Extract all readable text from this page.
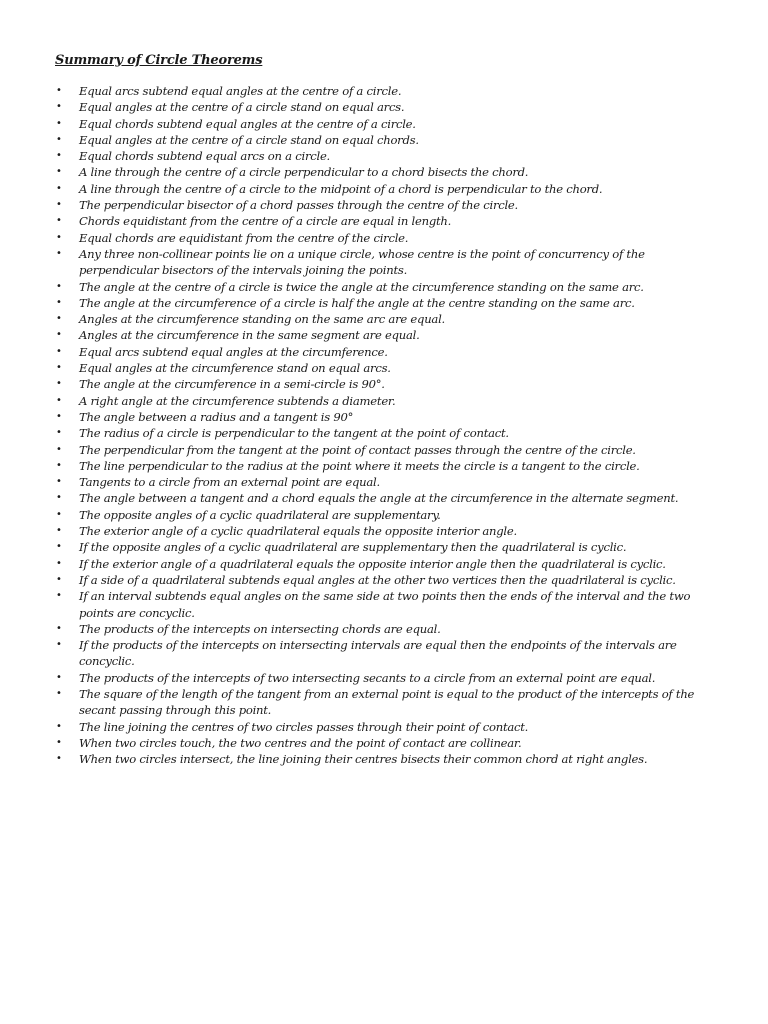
Summary of Circle Theorems
• Equal arcs subtend equal angles at the centre of a circle.
• Equal angles at the centre of a circle stand on equal arcs.
• Equal chords subtend equal angles at the centre of a circle.
• Equal angles at the centre of a circle stand on equal chords.
• Equal chords subtend equal arcs on a circle.
• A line through the centre of a circle perpendicular to a chord bisects the chord.
• A line through the centre of a circle to the midpoint of a chord is perpendicular to the chord.
• The perpendicular bisector of a chord passes through the centre of the circle.
• Chords equidistant from the centre of a circle are equal in length.
• Equal chords are equidistant from the centre of the circle.
• Any three non-collinear points lie on a unique circle, whose centre is the point of concurrency of the perpendicular bisectors of the intervals joining the points.
• The angle at the centre of a circle is twice the angle at the circumference standing on the same arc.
• The angle at the circumference of a circle is half the angle at the centre standing on the same arc.
• Angles at the circumference standing on the same arc are equal.
• Angles at the circumference in the same segment are equal.
• Equal arcs subtend equal angles at the circumference.
• Equal angles at the circumference stand on equal arcs.
• The angle at the circumference in a semi-circle is 90°.
• A right angle at the circumference subtends a diameter.
• The angle between a radius and a tangent is 90°
• The radius of a circle is perpendicular to the tangent at the point of contact.
• The perpendicular from the tangent at the point of contact passes through the centre of the circle.
• The line perpendicular to the radius at the point where it meets the circle is a tangent to the circle.
• Tangents to a circle from an external point are equal.
• The angle between a tangent and a chord equals the angle at the circumference in the alternate segment.
• The opposite angles of a cyclic quadrilateral are supplementary.
• The exterior angle of a cyclic quadrilateral equals the opposite interior angle.
• If the opposite angles of a cyclic quadrilateral are supplementary then the quadrilateral is cyclic.
• If the exterior angle of a quadrilateral equals the opposite interior angle then the quadrilateral is cyclic.
• If a side of a quadrilateral subtends equal angles at the other two vertices then the quadrilateral is cyclic.
• If an interval subtends equal angles on the same side at two points then the ends of the interval and the two points are concyclic.
• The products of the intercepts on intersecting chords are equal.
• If the products of the intercepts on intersecting intervals are equal then the endpoints of the intervals are concyclic.
• The products of the intercepts of two intersecting secants to a circle from an external point are equal.
• The square of the length of the tangent from an external point is equal to the product of the intercepts of the secant passing through this point.
• The line joining the centres of two circles passes through their point of contact.
• When two circles touch, the two centres and the point of contact are collinear.
• When two circles intersect, the line joining their centres bisects their common chord at right angles.
